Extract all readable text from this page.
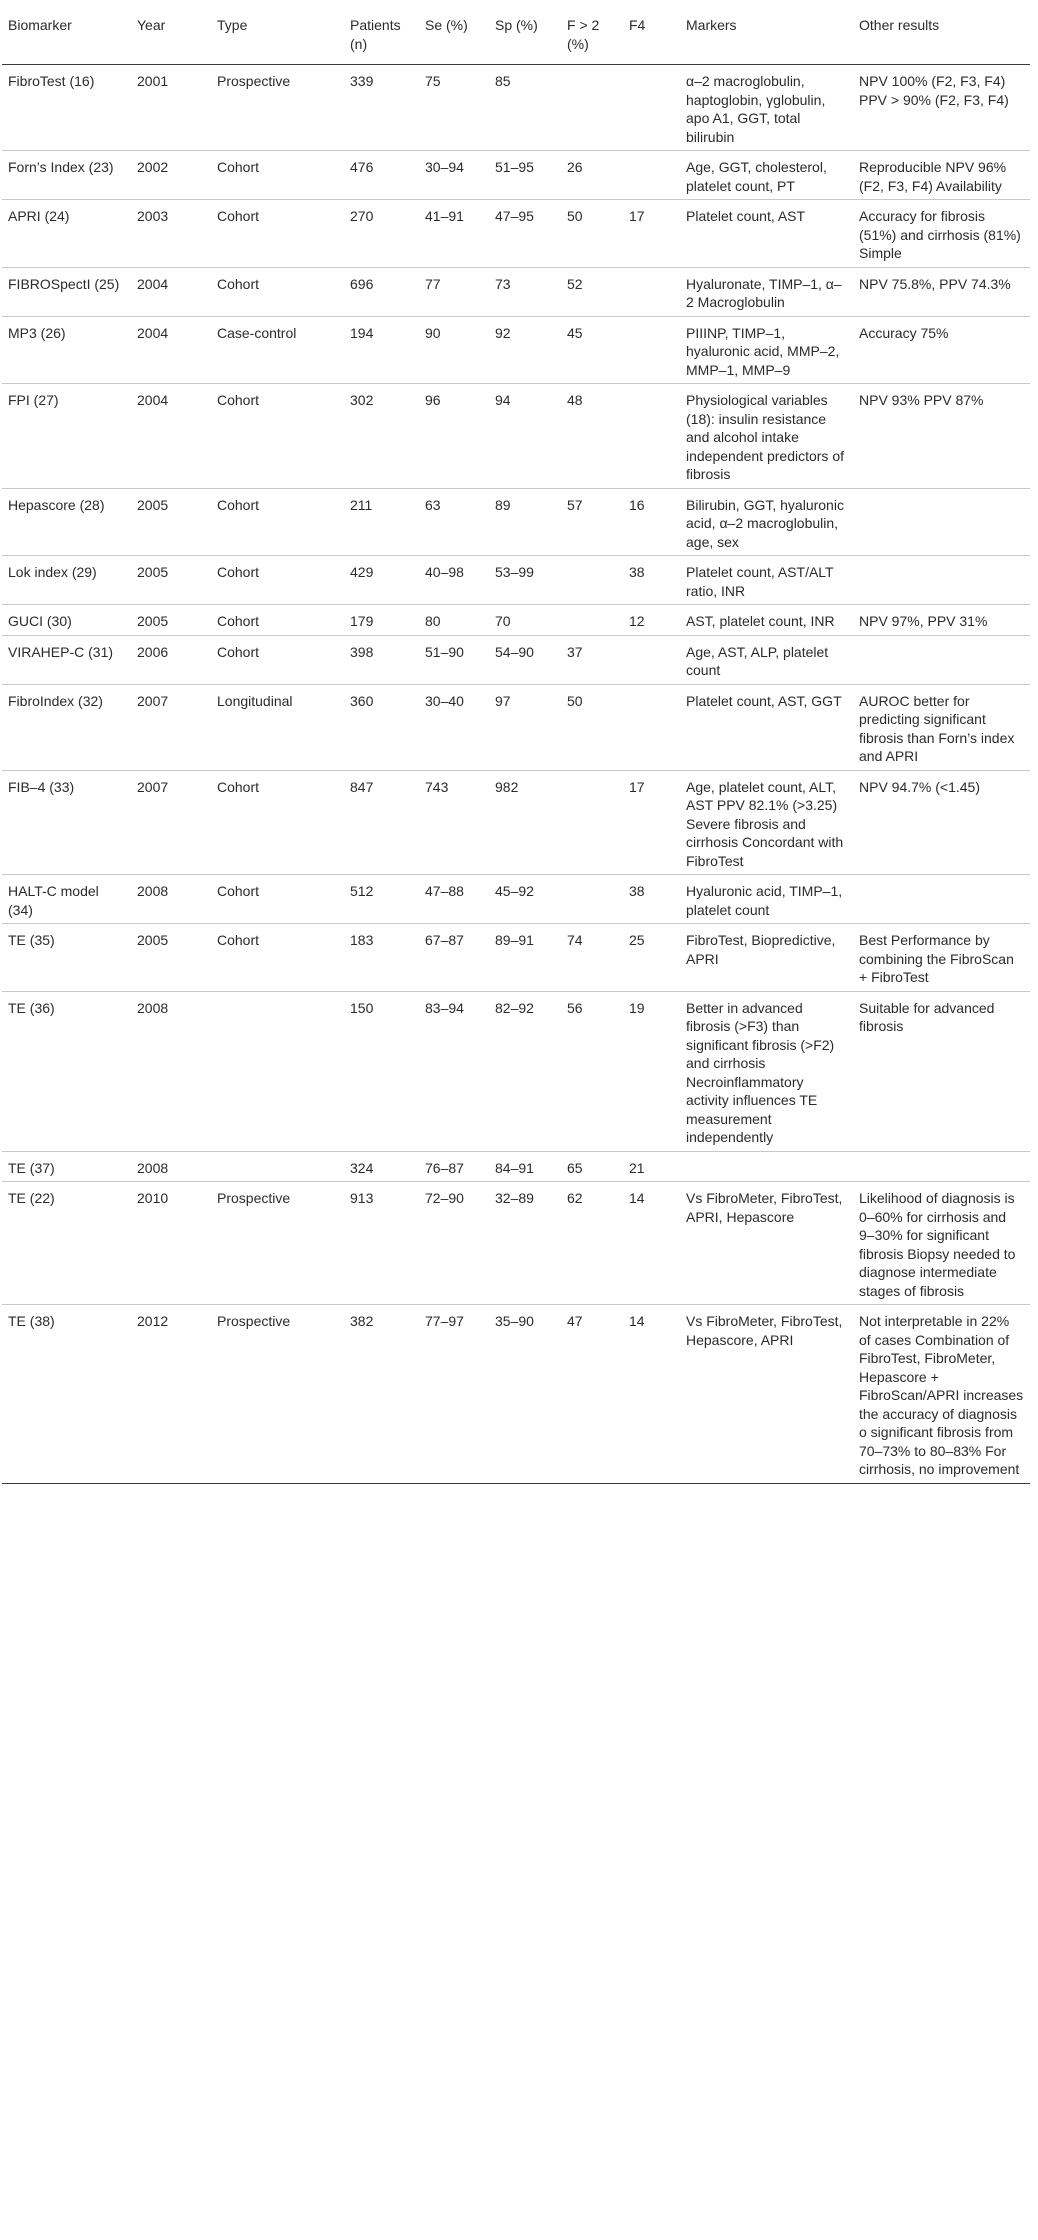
Biomarker	Year	Type	Patients (n)	Se (%)	Sp (%)	F > 2 (%)	F4	Markers	Other results
FibroTest (16)	2001	Prospective	339	75	85			α–2 macroglobulin, haptoglobin, γglobulin, apo A1, GGT, total bilirubin	NPV 100% (F2, F3, F4) PPV > 90% (F2, F3, F4)
Forn’s Index (23)	2002	Cohort	476	30–94	51–95	26		Age, GGT, cholesterol, platelet count, PT	Reproducible NPV 96% (F2, F3, F4) Availability
APRI (24)	2003	Cohort	270	41–91	47–95	50	17	Platelet count, AST	Accuracy for fibrosis (51%) and cirrhosis (81%) Simple
FIBROSpectI (25)	2004	Cohort	696	77	73	52		Hyaluronate, TIMP–1, α–2 Macroglobulin	NPV 75.8%, PPV 74.3%
MP3 (26)	2004	Case-control	194	90	92	45		PIIINP, TIMP–1, hyaluronic acid, MMP–2, MMP–1, MMP–9	Accuracy 75%
FPI (27)	2004	Cohort	302	96	94	48		Physiological variables (18): insulin resistance and alcohol intake independent predictors of fibrosis	NPV 93% PPV 87%
Hepascore (28)	2005	Cohort	211	63	89	57	16	Bilirubin, GGT, hyaluronic acid, α–2 macroglobulin, age, sex	
Lok index (29)	2005	Cohort	429	40–98	53–99		38	Platelet count, AST/ALT ratio, INR	
GUCI (30)	2005	Cohort	179	80	70		12	AST, platelet count, INR	NPV 97%, PPV 31%
VIRAHEP-C (31)	2006	Cohort	398	51–90	54–90	37		Age, AST, ALP, platelet count	
FibroIndex (32)	2007	Longitudinal	360	30–40	97	50		Platelet count, AST, GGT	AUROC better for predicting significant fibrosis than Forn’s index and APRI
FIB–4 (33)	2007	Cohort	847	743	982		17	Age, platelet count, ALT, AST PPV 82.1% (>3.25) Severe fibrosis and cirrhosis Concordant with FibroTest	NPV 94.7% (<1.45)
HALT-C model (34)	2008	Cohort	512	47–88	45–92		38	Hyaluronic acid, TIMP–1, platelet count	
TE (35)	2005	Cohort	183	67–87	89–91	74	25	FibroTest, Biopredictive, APRI	Best Performance by combining the FibroScan + FibroTest
TE (36)	2008		150	83–94	82–92	56	19	Better in advanced fibrosis (>F3) than significant fibrosis (>F2) and cirrhosis Necroinflammatory activity influences TE measurement independently	Suitable for advanced fibrosis
TE (37)	2008		324	76–87	84–91	65	21		
TE (22)	2010	Prospective	913	72–90	32–89	62	14	Vs FibroMeter, FibroTest, APRI, Hepascore	Likelihood of diagnosis is 0–60% for cirrhosis and 9–30% for significant fibrosis Biopsy needed to diagnose intermediate stages of fibrosis
TE (38)	2012	Prospective	382	77–97	35–90	47	14	Vs FibroMeter, FibroTest, Hepascore, APRI	Not interpretable in 22% of cases Combination of FibroTest, FibroMeter, Hepascore + FibroScan/APRI increases the accuracy of diagnosis o significant fibrosis from 70–73% to 80–83% For cirrhosis, no improvement
